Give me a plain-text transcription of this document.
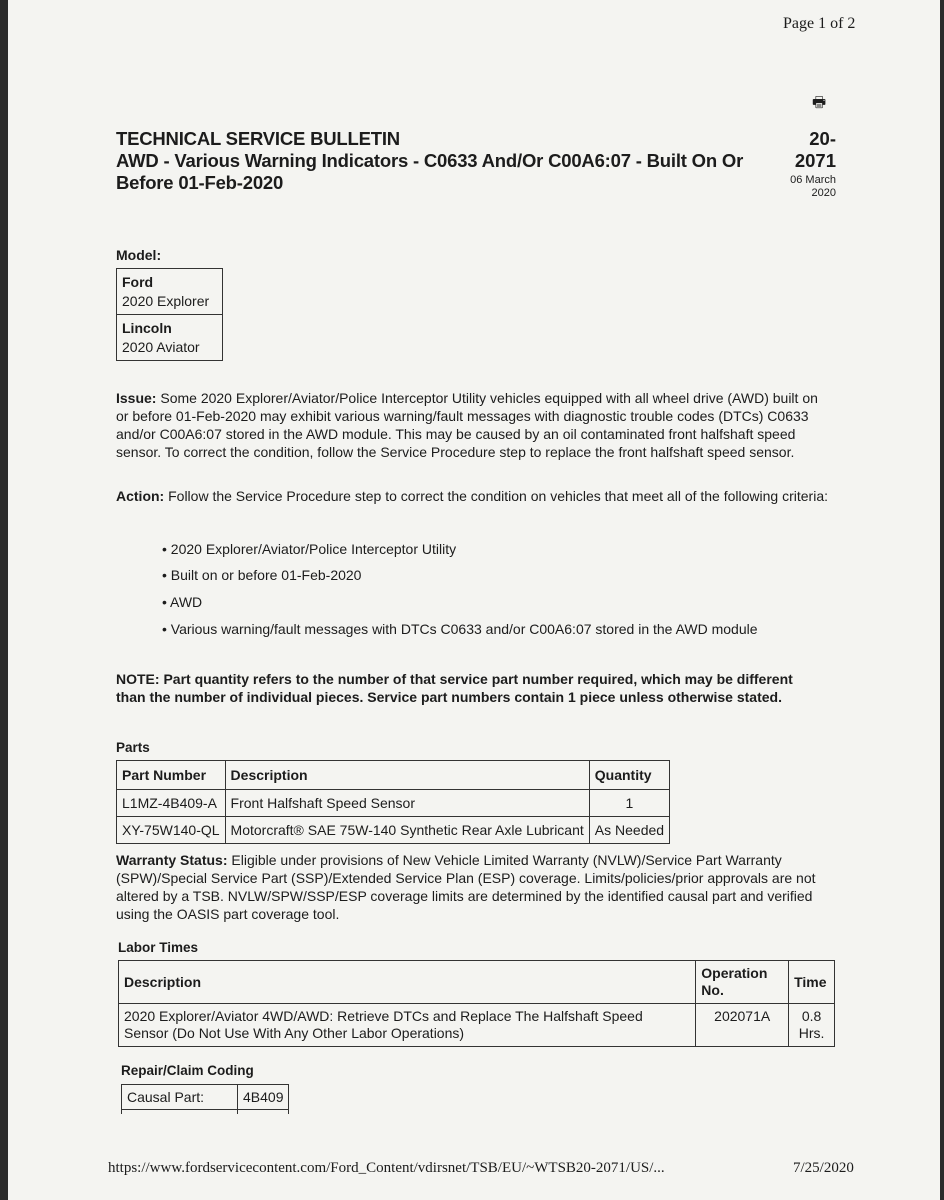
Page 1 of 2
🖶
TECHNICAL SERVICE BULLETIN
AWD - Various Warning Indicators - C0633 And/Or C00A6:07 - Built On Or Before 01-Feb-2020
20-
2071
06 March
2020
Model:
Ford
2020 Explorer
Lincoln
2020 Aviator
Issue: Some 2020 Explorer/Aviator/Police Interceptor Utility vehicles equipped with all wheel drive (AWD) built on or before 01-Feb-2020 may exhibit various warning/fault messages with diagnostic trouble codes (DTCs) C0633 and/or C00A6:07 stored in the AWD module. This may be caused by an oil contaminated front halfshaft speed sensor. To correct the condition, follow the Service Procedure step to replace the front halfshaft speed sensor.
Action: Follow the Service Procedure step to correct the condition on vehicles that meet all of the following criteria:
• 2020 Explorer/Aviator/Police Interceptor Utility
• Built on or before 01-Feb-2020
• AWD
• Various warning/fault messages with DTCs C0633 and/or C00A6:07 stored in the AWD module
NOTE: Part quantity refers to the number of that service part number required, which may be different than the number of individual pieces. Service part numbers contain 1 piece unless otherwise stated.
Parts
Part Number	Description	Quantity
L1MZ-4B409-A	Front Halfshaft Speed Sensor	1
XY-75W140-QL	Motorcraft® SAE 75W-140 Synthetic Rear Axle Lubricant	As Needed
Warranty Status: Eligible under provisions of New Vehicle Limited Warranty (NVLW)/Service Part Warranty (SPW)/Special Service Part (SSP)/Extended Service Plan (ESP) coverage. Limits/policies/prior approvals are not altered by a TSB. NVLW/SPW/SSP/ESP coverage limits are determined by the identified causal part and verified using the OASIS part coverage tool.
Labor Times
Description	Operation No.	Time
2020 Explorer/Aviator 4WD/AWD: Retrieve DTCs and Replace The Halfshaft Speed Sensor (Do Not Use With Any Other Labor Operations)	202071A	0.8 Hrs.
Repair/Claim Coding
Causal Part:	4B409

https://www.fordservicecontent.com/Ford_Content/vdirsnet/TSB/EU/~WTSB20-2071/US/...	7/25/2020
